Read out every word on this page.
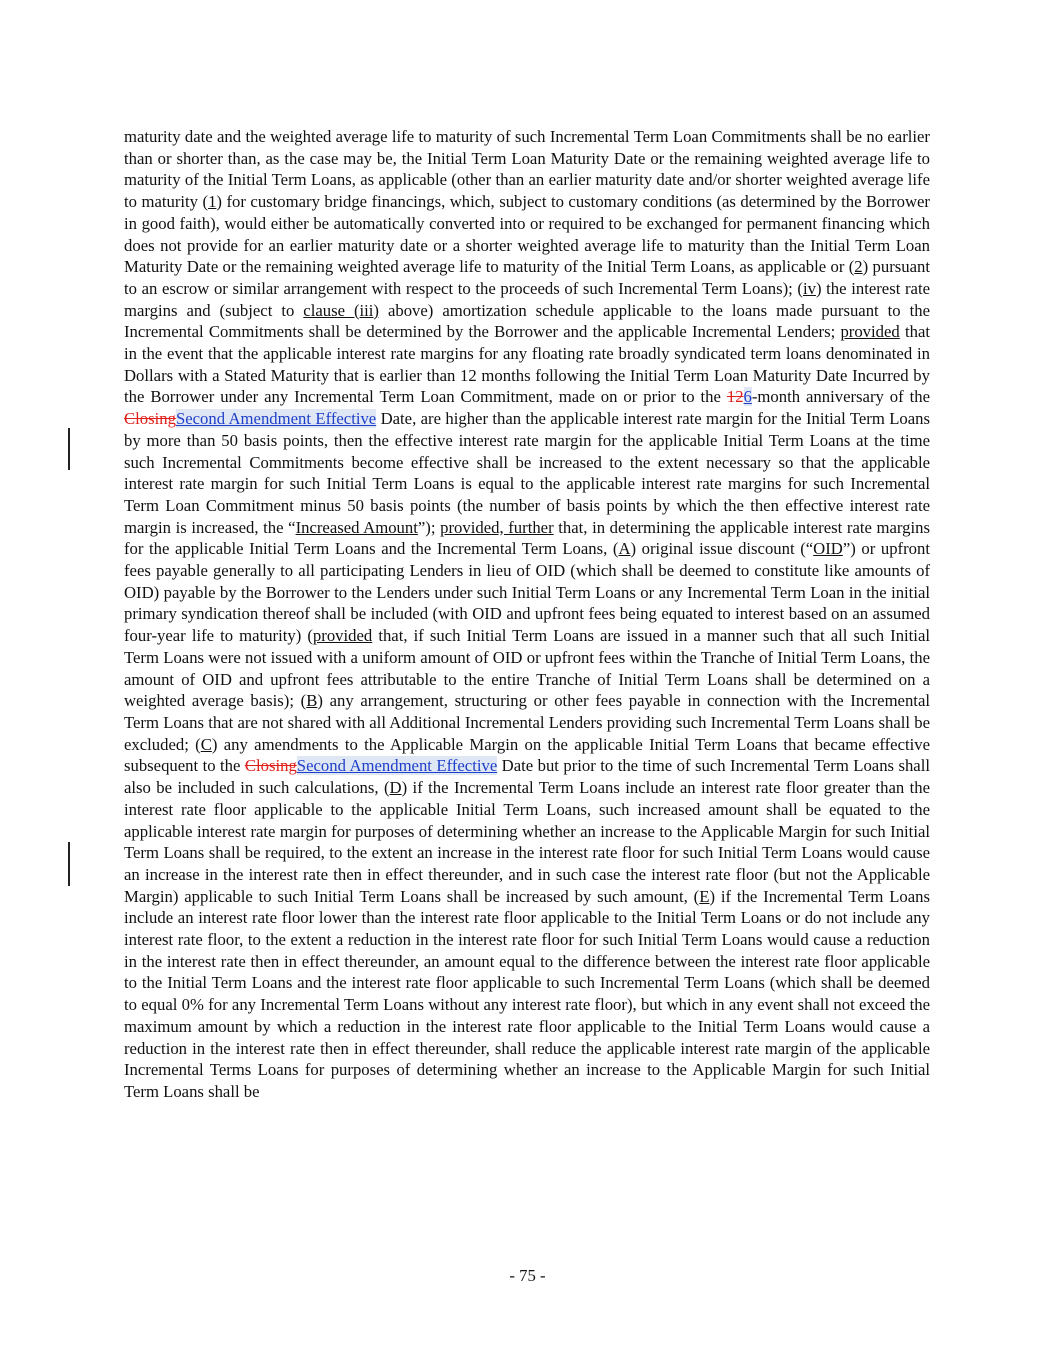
maturity date and the weighted average life to maturity of such Incremental Term Loan Commitments shall be no earlier than or shorter than, as the case may be, the Initial Term Loan Maturity Date or the remaining weighted average life to maturity of the Initial Term Loans, as applicable (other than an earlier maturity date and/or shorter weighted average life to maturity (1) for customary bridge financings, which, subject to customary conditions (as determined by the Borrower in good faith), would either be automatically converted into or required to be exchanged for permanent financing which does not provide for an earlier maturity date or a shorter weighted average life to maturity than the Initial Term Loan Maturity Date or the remaining weighted average life to maturity of the Initial Term Loans, as applicable or (2) pursuant to an escrow or similar arrangement with respect to the proceeds of such Incremental Term Loans); (iv) the interest rate margins and (subject to clause (iii) above) amortization schedule applicable to the loans made pursuant to the Incremental Commitments shall be determined by the Borrower and the applicable Incremental Lenders; provided that in the event that the applicable interest rate margins for any floating rate broadly syndicated term loans denominated in Dollars with a Stated Maturity that is earlier than 12 months following the Initial Term Loan Maturity Date Incurred by the Borrower under any Incremental Term Loan Commitment, made on or prior to the 126-month anniversary of the ClosingSecond Amendment Effective Date, are higher than the applicable interest rate margin for the Initial Term Loans by more than 50 basis points, then the effective interest rate margin for the applicable Initial Term Loans at the time such Incremental Commitments become effective shall be increased to the extent necessary so that the applicable interest rate margin for such Initial Term Loans is equal to the applicable interest rate margins for such Incremental Term Loan Commitment minus 50 basis points (the number of basis points by which the then effective interest rate margin is increased, the “Increased Amount”); provided, further that, in determining the applicable interest rate margins for the applicable Initial Term Loans and the Incremental Term Loans, (A) original issue discount (“OID”) or upfront fees payable generally to all participating Lenders in lieu of OID (which shall be deemed to constitute like amounts of OID) payable by the Borrower to the Lenders under such Initial Term Loans or any Incremental Term Loan in the initial primary syndication thereof shall be included (with OID and upfront fees being equated to interest based on an assumed four-year life to maturity) (provided that, if such Initial Term Loans are issued in a manner such that all such Initial Term Loans were not issued with a uniform amount of OID or upfront fees within the Tranche of Initial Term Loans, the amount of OID and upfront fees attributable to the entire Tranche of Initial Term Loans shall be determined on a weighted average basis); (B) any arrangement, structuring or other fees payable in connection with the Incremental Term Loans that are not shared with all Additional Incremental Lenders providing such Incremental Term Loans shall be excluded; (C) any amendments to the Applicable Margin on the applicable Initial Term Loans that became effective subsequent to the ClosingSecond Amendment Effective Date but prior to the time of such Incremental Term Loans shall also be included in such calculations, (D) if the Incremental Term Loans include an interest rate floor greater than the interest rate floor applicable to the applicable Initial Term Loans, such increased amount shall be equated to the applicable interest rate margin for purposes of determining whether an increase to the Applicable Margin for such Initial Term Loans shall be required, to the extent an increase in the interest rate floor for such Initial Term Loans would cause an increase in the interest rate then in effect thereunder, and in such case the interest rate floor (but not the Applicable Margin) applicable to such Initial Term Loans shall be increased by such amount, (E) if the Incremental Term Loans include an interest rate floor lower than the interest rate floor applicable to the Initial Term Loans or do not include any interest rate floor, to the extent a reduction in the interest rate floor for such Initial Term Loans would cause a reduction in the interest rate then in effect thereunder, an amount equal to the difference between the interest rate floor applicable to the Initial Term Loans and the interest rate floor applicable to such Incremental Term Loans (which shall be deemed to equal 0% for any Incremental Term Loans without any interest rate floor), but which in any event shall not exceed the maximum amount by which a reduction in the interest rate floor applicable to the Initial Term Loans would cause a reduction in the interest rate then in effect thereunder, shall reduce the applicable interest rate margin of the applicable Incremental Terms Loans for purposes of determining whether an increase to the Applicable Margin for such Initial Term Loans shall be

- 75 -
